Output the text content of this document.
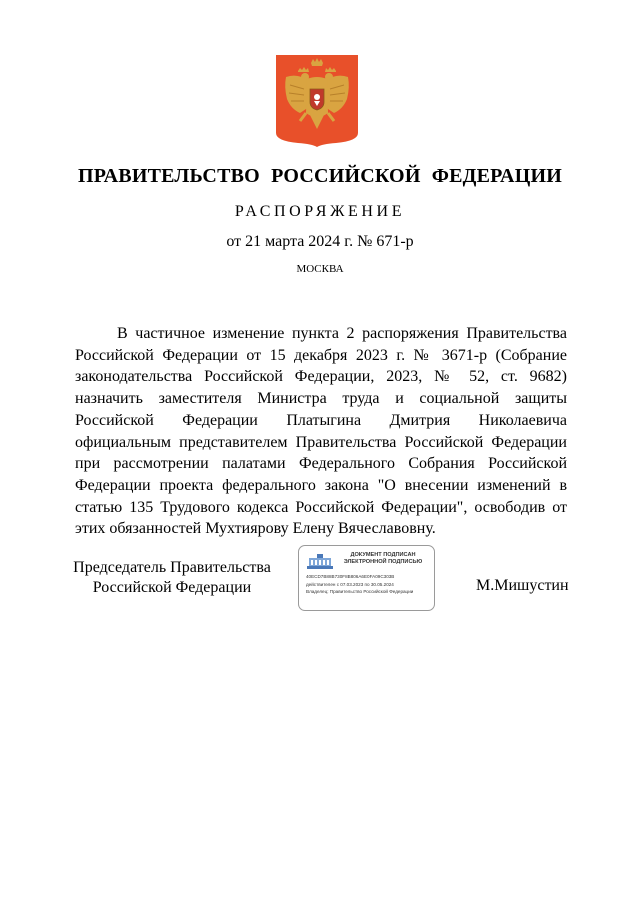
ПРАВИТЕЛЬСТВО РОССИЙСКОЙ ФЕДЕРАЦИИ
РАСПОРЯЖЕНИЕ
от 21 марта 2024 г. № 671-р
МОСКВА

В частичное изменение пункта 2 распоряжения Правительства Российской Федерации от 15 декабря 2023 г. № 3671-р (Собрание законодательства Российской Федерации, 2023, № 52, ст. 9682) назначить заместителя Министра труда и социальной защиты Российской Федерации Платыгина Дмитрия Николаевича официальным представителем Правительства Российской Федерации при рассмотрении палатами Федерального Собрания Российской Федерации проекта федерального закона "О внесении изменений в статью 135 Трудового кодекса Российской Федерации", освободив от этих обязанностей Мухтиярову Елену Вячеславовну.

Председатель Правительства
Российской Федерации
ДОКУМЕНТ ПОДПИСАН
ЭЛЕКТРОННОЙ ПОДПИСЬЮ
40ECD7B88B730F8B806A6E0FA09C303B
действителен с 07.03.2023 по 30.05.2024
Владелец: Правительство Российской Федерации	М.Мишустин
